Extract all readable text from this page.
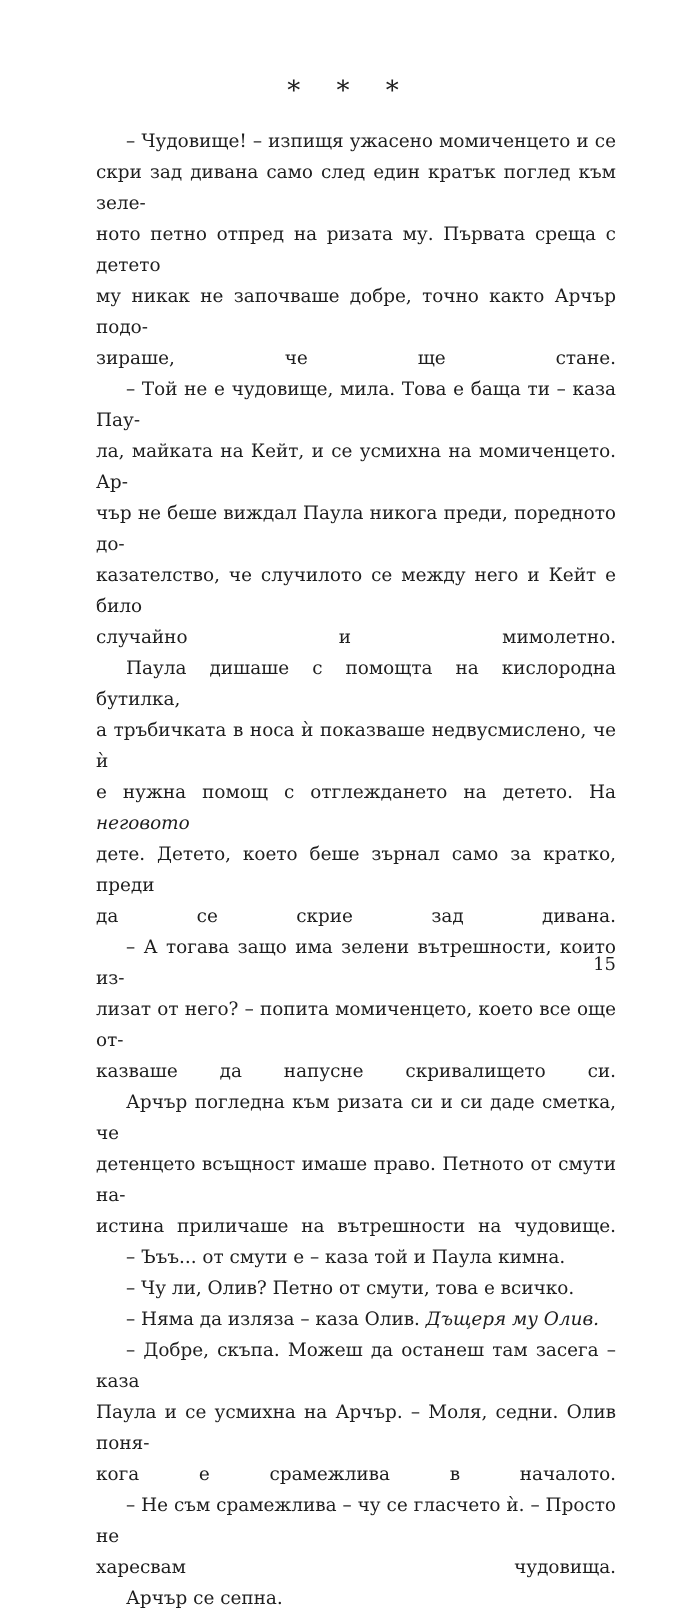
* * *

– Чудовище! – изпищя ужасено момиченцето и се
скри зад дивана само след един кратък поглед към зеле-
ното петно отпред на ризата му. Първата среща с детето
му никак не започваше добре, точно както Арчър подо-
зираше, че ще стане.

– Той не е чудовище, мила. Това е баща ти – каза Пау-
ла, майката на Кейт, и се усмихна на момиченцето. Ар-
чър не беше виждал Паула никога преди, поредното до-
казателство, че случилото се между него и Кейт е било
случайно и мимолетно.

Паула дишаше с помощта на кислородна бутилка,
а тръбичката в носа ѝ показваше недвусмислено, че ѝ
е нужна помощ с отглеждането на детето. На неговото
дете. Детето, което беше зърнал само за кратко, преди
да се скрие зад дивана.

– А тогава защо има зелени вътрешности, които из-
лизат от него? – попита момиченцето, което все още от-
казваше да напусне скривалището си.

Арчър погледна към ризата си и си даде сметка, че
детенцето всъщност имаше право. Петното от смути на-
истина приличаше на вътрешности на чудовище.

– Ъъъ... от смути е – каза той и Паула кимна.

– Чу ли, Олив? Петно от смути, това е всичко.

– Няма да изляза – каза Олив. Дъщеря му Олив.

– Добре, скъпа. Можеш да останеш там засега – каза
Паула и се усмихна на Арчър. – Моля, седни. Олив поня-
кога е срамежлива в началото.

– Не съм срамежлива – чу се гласчето ѝ. – Просто не
харесвам чудовища.

Арчър се сепна.

15
